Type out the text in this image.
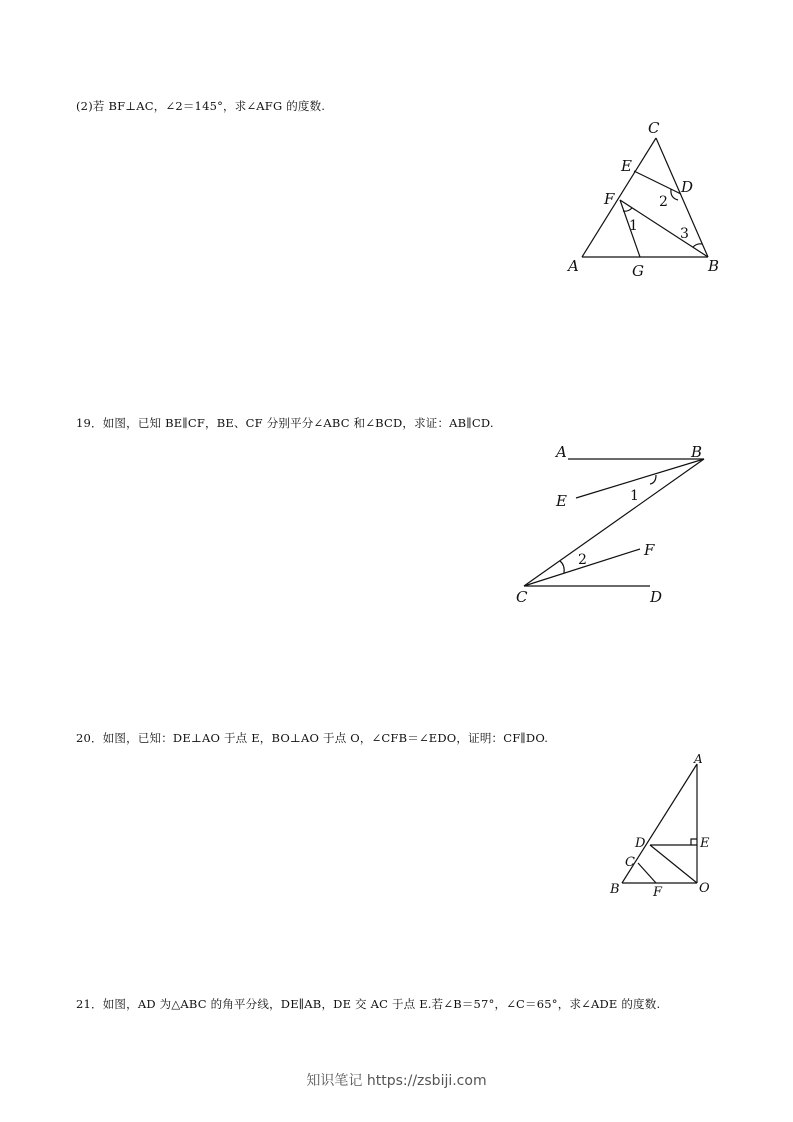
(2)若 BF⊥AC，∠2＝145°，求∠AFG 的度数.
C
E
D
F
A	G	B
1
2
3
19．如图，已知 BE∥CF，BE、CF 分别平分∠ABC 和∠BCD，求证：AB∥CD.
A	B
E	1
2
F
C	D
20．如图，已知：DE⊥AO 于点 E，BO⊥AO 于点 O，∠CFB＝∠EDO，证明：CF∥DO.
A
D	E
C
B	F	O
21．如图，AD 为△ABC 的角平分线，DE∥AB，DE 交 AC 于点 E.若∠B＝57°，∠C＝65°，求∠ADE 的度数.
知识笔记 https://zsbiji.com
